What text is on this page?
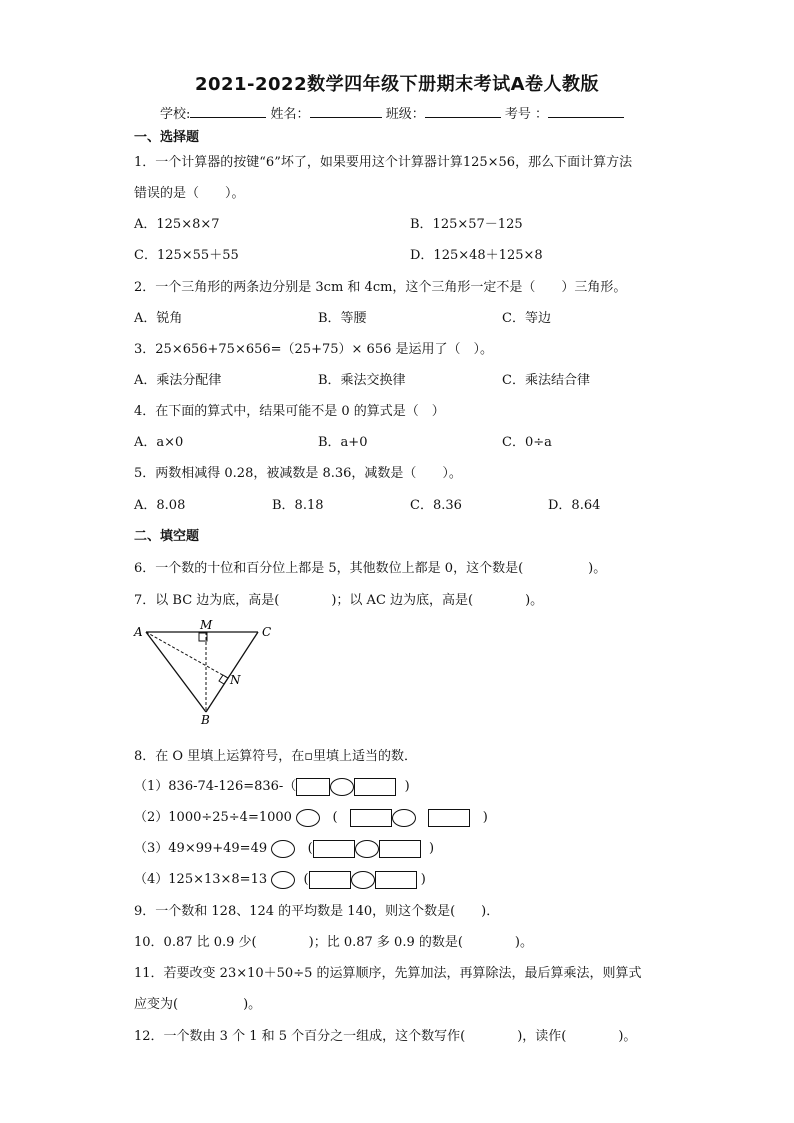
2021-2022数学四年级下册期末考试A卷人教版
学校:	姓名：	班级：	考号 ：
一、选择题
1．一个计算器的按键“6”坏了，如果要用这个计算器计算125×56，那么下面计算方法
错误的是（　　）。
A．125×8×7	B．125×57－125
C．125×55＋55	D．125×48＋125×8
2．一个三角形的两条边分别是 3cm 和 4cm，这个三角形一定不是（　　）三角形。
A．锐角	B．等腰	C．等边
3．25×656+75×656=（25+75）× 656 是运用了（　）。
A．乘法分配律	B．乘法交换律	C．乘法结合律
4．在下面的算式中，结果可能不是 0 的算式是（　）
A．a×0	B．a+0	C．0÷a
5．两数相减得 0.28，被减数是 8.36，减数是（　　）。
A．8.08	B．8.18	C．8.36	D．8.64
二、填空题
6．一个数的十位和百分位上都是 5，其他数位上都是 0，这个数是(　　　　　)。
7．以 BC 边为底，高是(　　　　)；以 AC 边为底，高是(　　　　)。
A	M	C
N
B
8．在 O 里填上运算符号，在▫里填上适当的数．
（1）836-74-126=836-（	)
（2）1000÷25÷4=1000	(	)
（3）49×99+49=49	(	)
（4）125×13×8=13	(	)
9．一个数和 128、124 的平均数是 140，则这个数是(　　)．
10．0.87 比 0.9 少(　　　　)；比 0.87 多 0.9 的数是(　　　　)。
11．若要改变 23×10＋50÷5 的运算顺序，先算加法，再算除法，最后算乘法，则算式
应变为(　　　　　)。
12．一个数由 3 个 1 和 5 个百分之一组成，这个数写作(　　　　)，读作(　　　　)。
